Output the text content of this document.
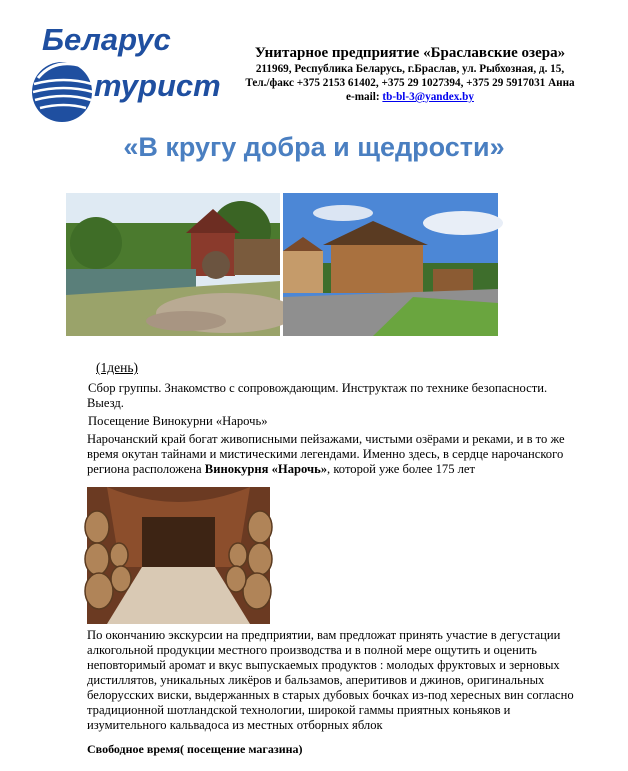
Беларус
турист
Унитарное предприятие «Браславские озера»
211969, Республика Беларусь, г.Браслав, ул. Рыбхозная, д. 15,
Тел./факс +375 2153 61402, +375 29 1027394, +375 29 5917031 Анна
e-mail: tb-bl-3@yandex.by
«В кругу добра и щедрости»
(1день)
Сбор группы. Знакомство с сопровождающим. Инструктаж по технике безопасности.
Выезд.
Посещение Винокурни «Нарочь»
Нарочанский край богат живописными пейзажами, чистыми озёрами и реками, и в то же время окутан тайнами и мистическими легендами. Именно здесь, в сердце нарочанского региона расположена Винокурня «Нарочь», которой уже более 175 лет
По окончанию экскурсии на предприятии, вам предложат принять участие в дегустации алкогольной продукции местного производства и в полной мере ощутить и оценить неповторимый аромат и вкус выпускаемых продуктов : молодых фруктовых и зерновых дистиллятов, уникальных ликёров и бальзамов, аперитивов и джинов, оригинальных белорусских виски, выдержанных в старых дубовых бочках из-под хересных вин согласно традиционной шотландской технологии, широкой гаммы приятных коньяков и изумительного кальвадоса из местных отборных яблок
Свободное время( посещение магазина)
